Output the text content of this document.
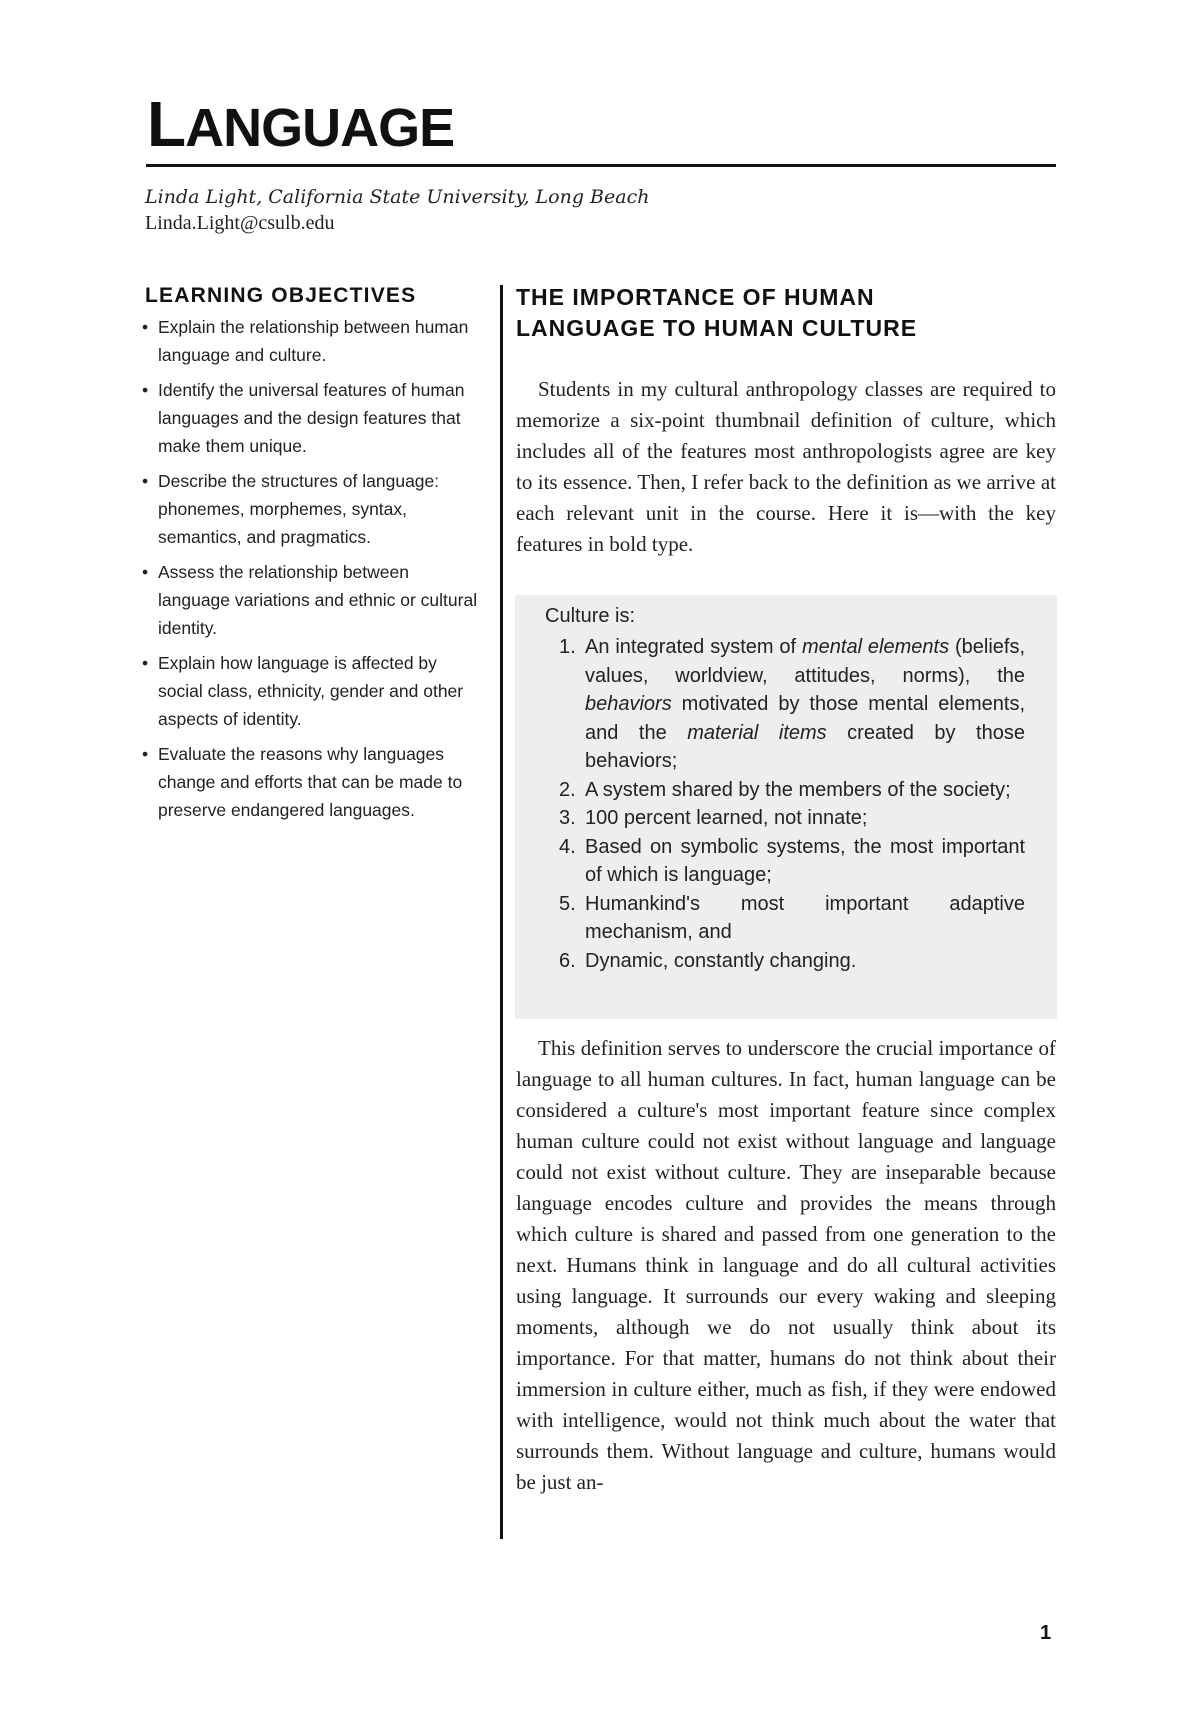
LANGUAGE
Linda Light, California State University, Long Beach
Linda.Light@csulb.edu
LEARNING OBJECTIVES
• Explain the relationship between human language and culture.
• Identify the universal features of human languages and the design features that make them unique.
• Describe the structures of language: phonemes, morphemes, syntax, semantics, and pragmatics.
• Assess the relationship between language variations and ethnic or cultural identity.
• Explain how language is affected by social class, ethnicity, gender and other aspects of identity.
• Evaluate the reasons why languages change and efforts that can be made to preserve endangered languages.
THE IMPORTANCE OF HUMAN
LANGUAGE TO HUMAN CULTURE

Students in my cultural anthropology classes are required to memorize a six-point thumbnail definition of culture, which includes all of the features most anthropologists agree are key to its essence. Then, I refer back to the definition as we arrive at each relevant unit in the course. Here it is—with the key features in bold type.

Culture is:
1. An integrated system of mental elements (beliefs, values, worldview, attitudes, norms), the behaviors motivated by those mental elements, and the material items created by those behaviors;
2. A system shared by the members of the society;
3. 100 percent learned, not innate;
4. Based on symbolic systems, the most important of which is language;
5. Humankind's most important adaptive mechanism, and
6. Dynamic, constantly changing.

This definition serves to underscore the crucial importance of language to all human cultures. In fact, human language can be considered a culture's most important feature since complex human culture could not exist without language and language could not exist without culture. They are inseparable because language encodes culture and provides the means through which culture is shared and passed from one generation to the next. Humans think in language and do all cultural activities using language. It surrounds our every waking and sleeping moments, although we do not usually think about its importance. For that matter, humans do not think about their immersion in culture either, much as fish, if they were endowed with intelligence, would not think much about the water that surrounds them. Without language and culture, humans would be just an-

1
